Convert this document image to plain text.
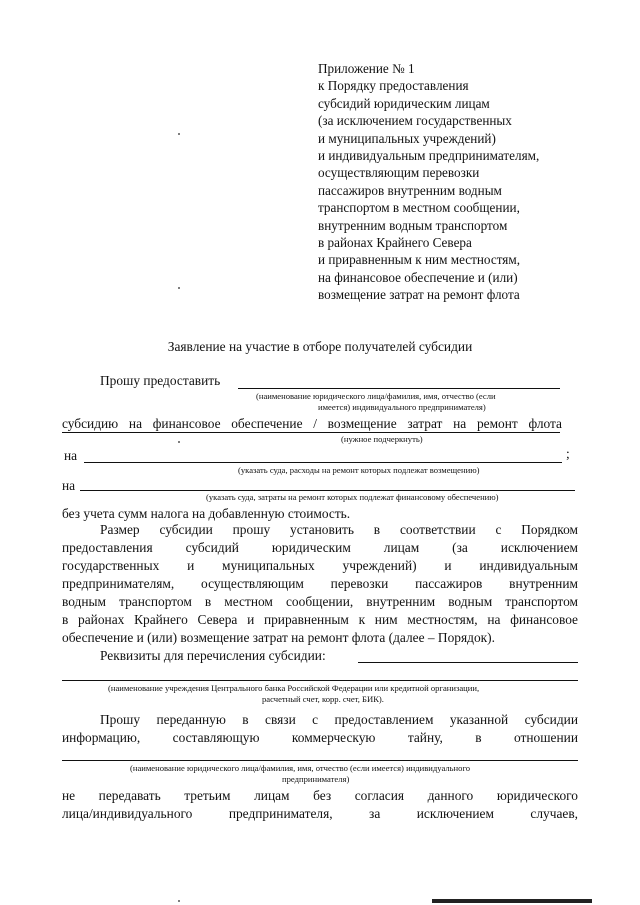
Приложение № 1
к Порядку предоставления
субсидий юридическим лицам
(за исключением государственных
и муниципальных учреждений)
и индивидуальным предпринимателям,
осуществляющим перевозки
пассажиров внутренним водным
транспортом в местном сообщении,
внутренним водным транспортом
в районах Крайнего Севера
и приравненным к ним местностям,
на финансовое обеспечение и (или)
возмещение затрат на ремонт флота
Заявление на участие в отборе получателей субсидии
Прошу предоставить
(наименование юридического лица/фамилия, имя, отчество (если
имеется) индивидуального предпринимателя)
субсидию на финансовое обеспечение / возмещение затрат на ремонт флота
(нужное подчеркнуть)
на	;
(указать суда, расходы на ремонт которых подлежат возмещению)
на
(указать суда, затраты на ремонт которых подлежат финансовому обеспечению)
без учета сумм налога на добавленную стоимость.
Размер субсидии прошу установить в соответствии с Порядком
предоставления субсидий юридическим лицам (за исключением
государственных и муниципальных учреждений) и индивидуальным
предпринимателям, осуществляющим перевозки пассажиров внутренним
водным транспортом в местном сообщении, внутренним водным транспортом
в районах Крайнего Севера и приравненным к ним местностям, на финансовое
обеспечение и (или) возмещение затрат на ремонт флота (далее – Порядок).
Реквизиты для перечисления субсидии:
(наименование учреждения Центрального банка Российской Федерации или кредитной организации,
расчетный счет, корр. счет, БИК).
Прошу переданную в связи с предоставлением указанной субсидии
информацию, составляющую коммерческую тайну, в отношении
(наименование юридического лица/фамилия, имя, отчество (если имеется) индивидуального
предпринимателя)
не передавать третьим лицам без согласия данного юридического
лица/индивидуального предпринимателя, за исключением случаев,
